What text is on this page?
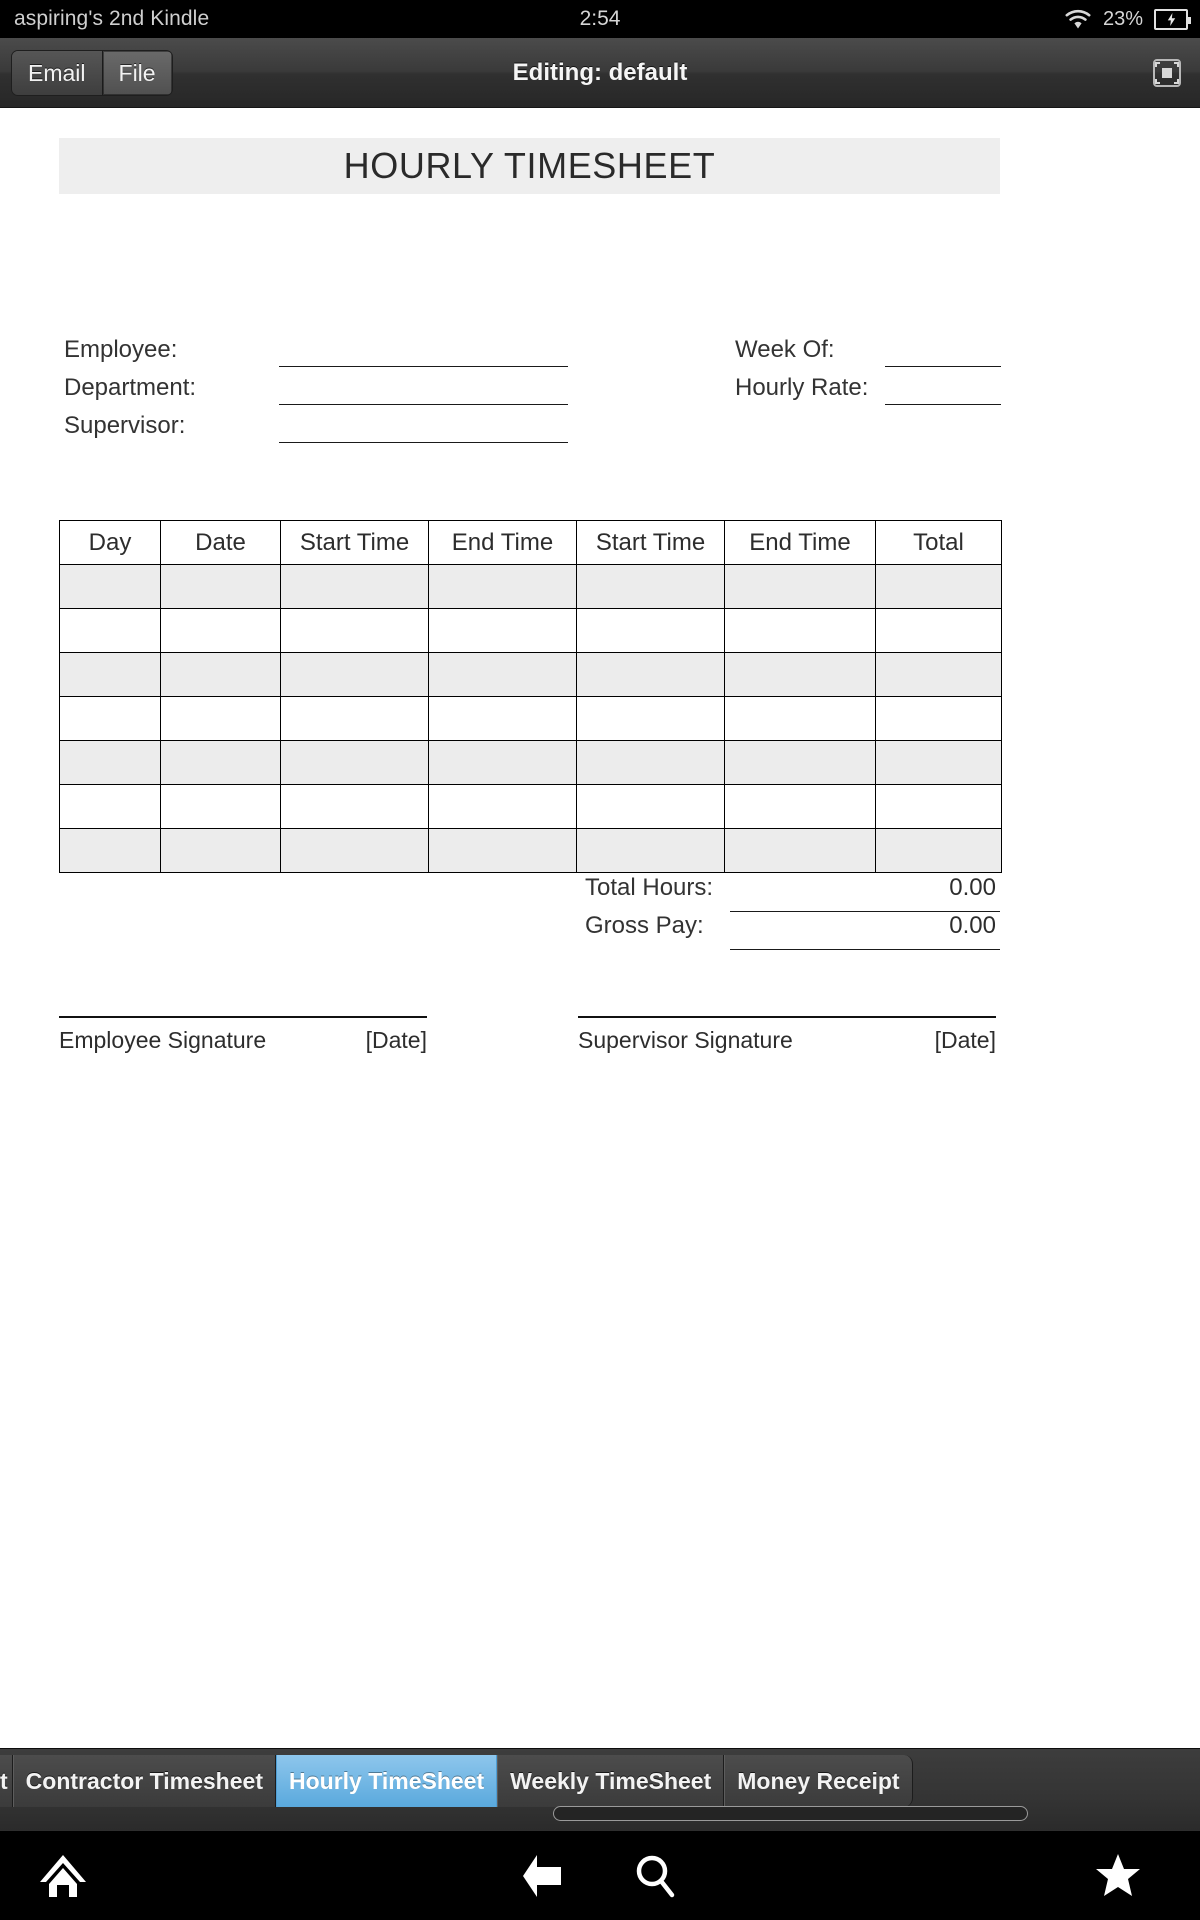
aspiring's 2nd Kindle	2:54	23%
Email	File	Editing: default
HOURLY TIMESHEET
Employee:
Department:
Supervisor:
Week Of:
Hourly Rate:
Day	Date	Start Time	End Time	Start Time	End Time	Total

Total Hours:	0.00
Gross Pay:	0.00
Employee Signature	[Date]	Supervisor Signature	[Date]
t Contractor Timesheet	Hourly TimeSheet	Weekly TimeSheet	Money Receipt
